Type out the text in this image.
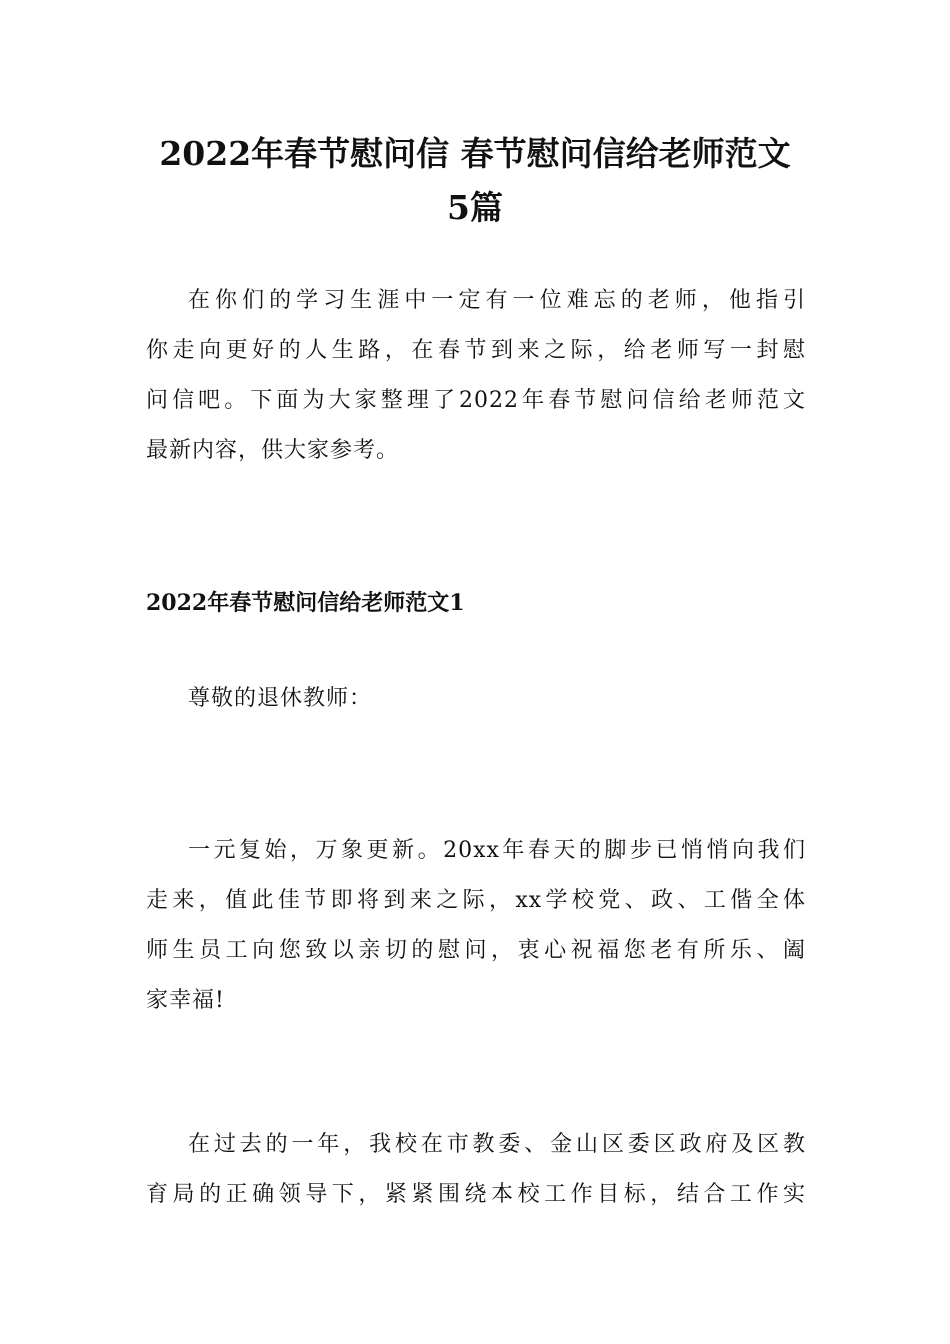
2022年春节慰问信 春节慰问信给老师范文
5篇
在你们的学习生涯中一定有一位难忘的老师，他指引
你走向更好的人生路，在春节到来之际，给老师写一封慰
问信吧。下面为大家整理了2022年春节慰问信给老师范文
最新内容，供大家参考。
2022年春节慰问信给老师范文1

尊敬的退休教师：

一元复始，万象更新。20xx年春天的脚步已悄悄向我们
走来，值此佳节即将到来之际，xx学校党、政、工偕全体
师生员工向您致以亲切的慰问，衷心祝福您老有所乐、阖
家幸福!
在过去的一年，我校在市教委、金山区委区政府及区教
育局的正确领导下，紧紧围绕本校工作目标，结合工作实
